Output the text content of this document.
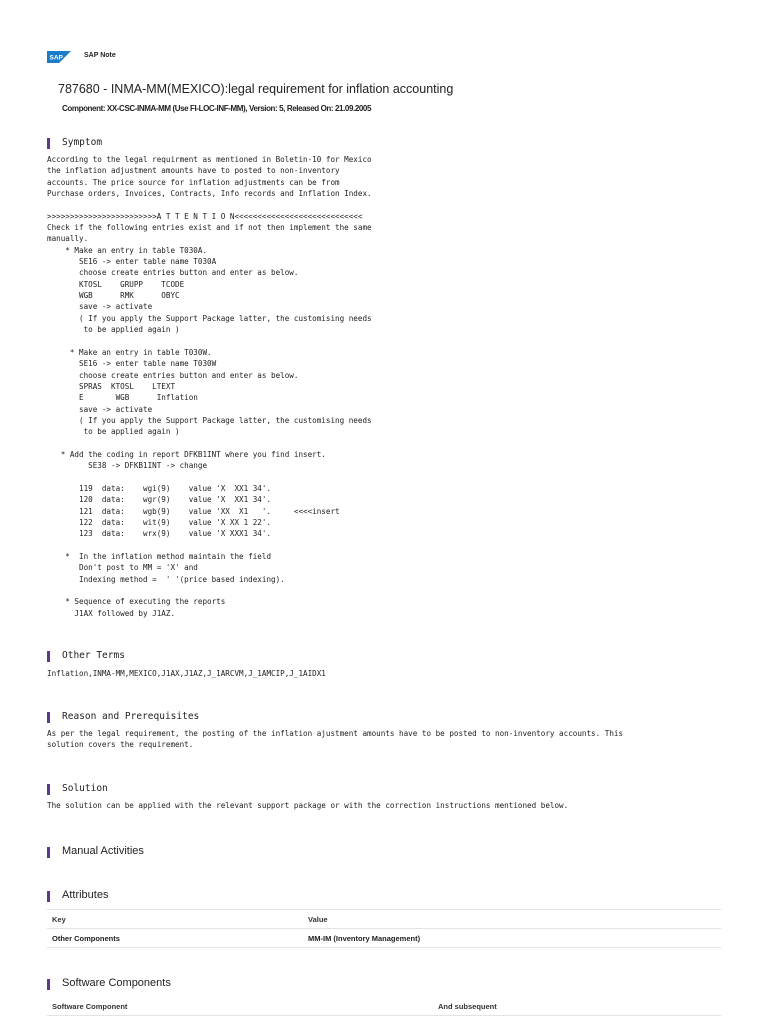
SAP	SAP Note
787680 - INMA-MM(MEXICO):legal requirement for inflation accounting
Component: XX-CSC-INMA-MM (Use FI-LOC-INF-MM), Version: 5, Released On: 21.09.2005
Symptom
According to the legal requirment as mentioned in Boletin-10 for Mexico
the inflation adjustment amounts have to posted to non-inventory
accounts. The price source for inflation adjustments can be from
Purchase orders, Invoices, Contracts, Info records and Inflation Index.

>>>>>>>>>>>>>>>>>>>>>>>>A T T E N T I O N<<<<<<<<<<<<<<<<<<<<<<<<<<<<
Check if the following entries exist and if not then implement the same
manually.
* Make an entry in table T030A.
SE16 -> enter table name T030A
choose create entries button and enter as below.
KTOSL    GRUPP    TCODE
WGB      RMK      OBYC
save -> activate
( If you apply the Support Package latter, the customising needs
to be applied again )

* Make an entry in table T030W.
SE16 -> enter table name T030W
choose create entries button and enter as below.
SPRAS  KTOSL    LTEXT
E       WGB      Inflation
save -> activate
( If you apply the Support Package latter, the customising needs
to be applied again )

* Add the coding in report DFKB1INT where you find insert.
SE38 -> DFKB1INT -> change

119  data:    wgi(9)    value 'X  XX1 34'.
120  data:    wgr(9)    value 'X  XX1 34'.
121  data:    wgb(9)    value 'XX  X1   '.     <<<<insert
122  data:    wit(9)    value 'X XX 1 22'.
123  data:    wrx(9)    value 'X XXX1 34'.

*  In the inflation method maintain the field
Don't post to MM = 'X' and
Indexing method =  ' '(price based indexing).

* Sequence of executing the reports
J1AX followed by J1AZ.
Other Terms
Inflation,INMA-MM,MEXICO,J1AX,J1AZ,J_1ARCVM,J_1AMCIP,J_1AIDX1
Reason and Prerequisites
As per the legal requirement, the posting of the inflation ajustment amounts have to be posted to non-inventory accounts. This
solution covers the requirement.
Solution
The solution can be applied with the relevant support package or with the correction instructions mentioned below.
Manual Activities
Attributes
Key	Value
Other Components	MM-IM (Inventory Management)
Software Components
Software Component	And subsequent
